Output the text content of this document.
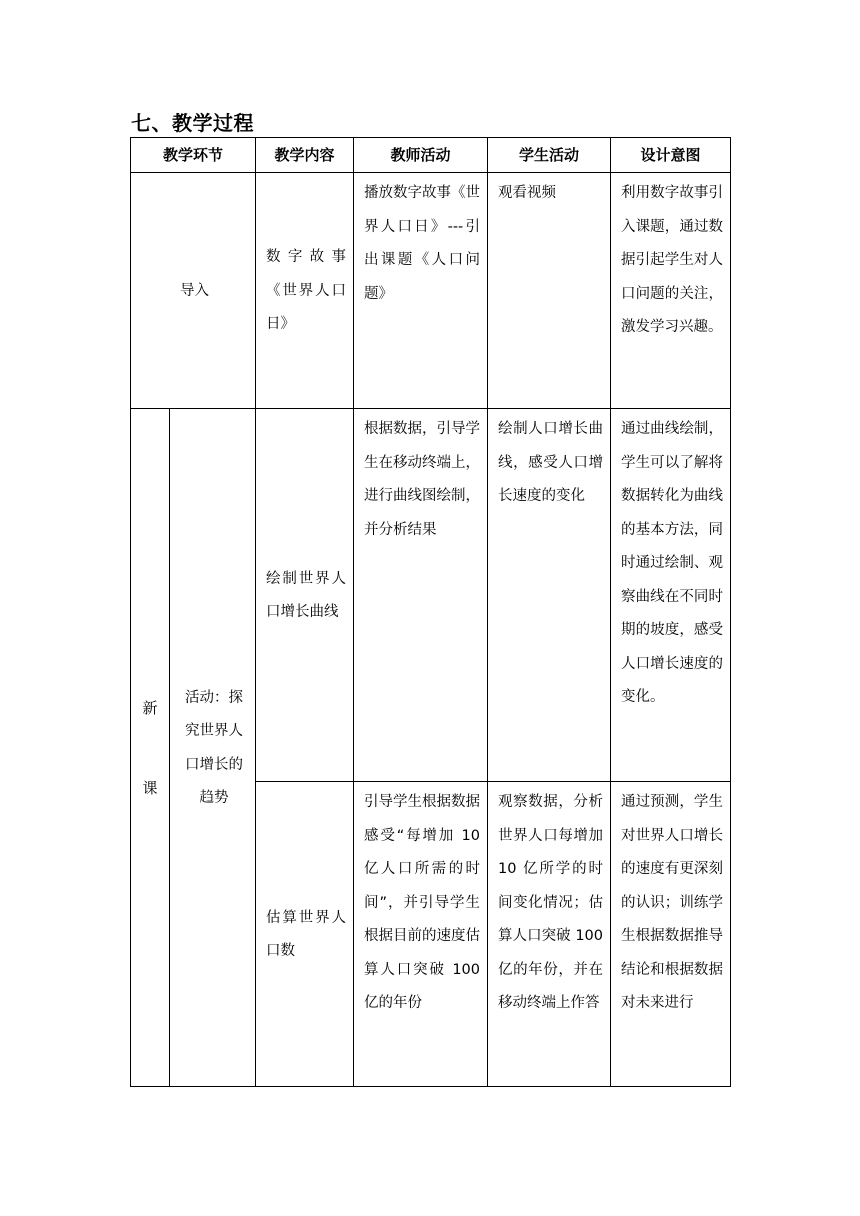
七、教学过程
教学环节		教学内容	教师活动	学生活动	设计意图

导入		数字故事《世界人口日》	播放数字故事《世界人口日》---引出课题《人口问题》	观看视频	利用数字故事引入课题，通过数据引起学生对人口问题的关注，激发学习兴趣。

新
课	活动：探究世界人口增长的趋势	绘制世界人口增长曲线	根据数据，引导学生在移动终端上，进行曲线图绘制，并分析结果	绘制人口增长曲线，感受人口增长速度的变化	通过曲线绘制，学生可以了解将数据转化为曲线的基本方法，同时通过绘制、观察曲线在不同时期的坡度，感受人口增长速度的变化。

		估算世界人口数	引导学生根据数据感受“每增加 10 亿人口所需的时间”，并引导学生根据目前的速度估算人口突破 100 亿的年份	观察数据，分析世界人口每增加 10 亿所学的时间变化情况；估算人口突破 100 亿的年份，并在移动终端上作答	通过预测，学生对世界人口增长的速度有更深刻的认识；训练学生根据数据推导结论和根据数据对未来进行
